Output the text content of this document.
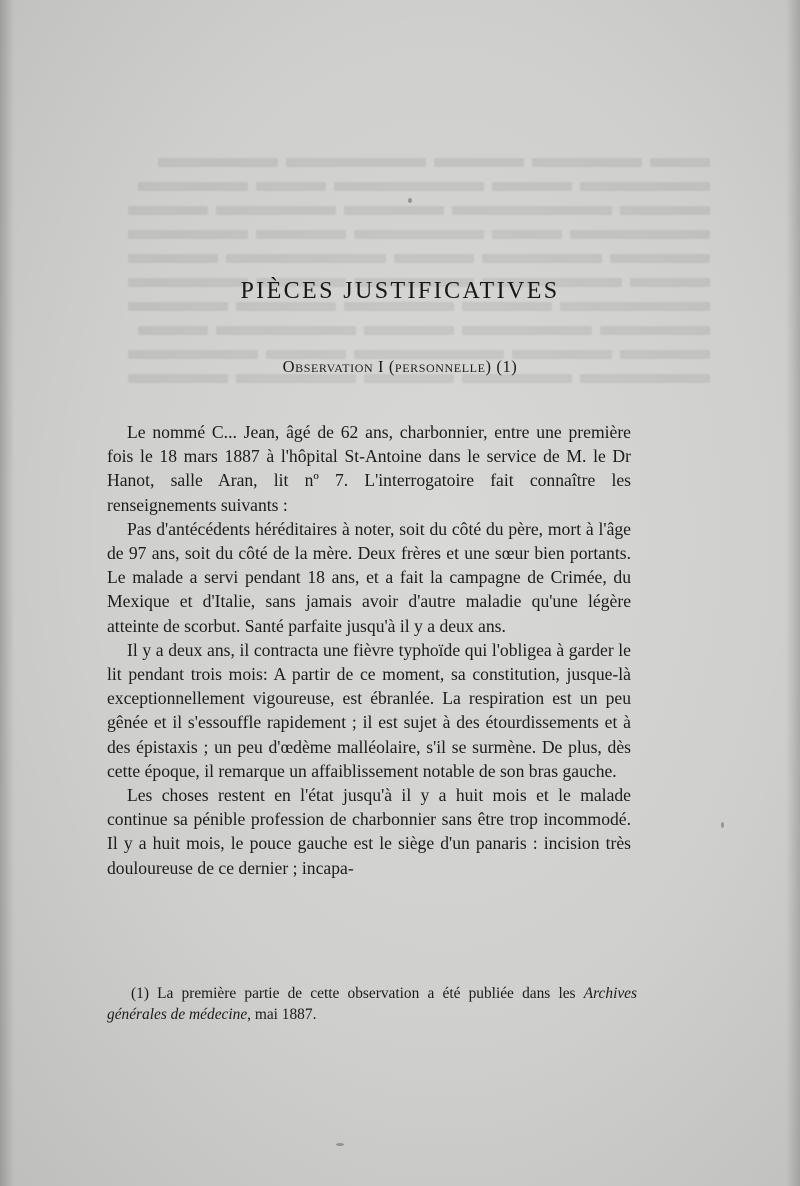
PIÈCES JUSTIFICATIVES
Observation I (personnelle) (1)

Le nommé C... Jean, âgé de 62 ans, charbonnier, entre une première fois le 18 mars 1887 à l'hôpital St-Antoine dans le service de M. le Dr Hanot, salle Aran, lit nº 7. L'interrogatoire fait connaître les renseignements suivants :

Pas d'antécédents héréditaires à noter, soit du côté du père, mort à l'âge de 97 ans, soit du côté de la mère. Deux frères et une sœur bien portants. Le malade a servi pendant 18 ans, et a fait la campagne de Crimée, du Mexique et d'Italie, sans jamais avoir d'autre maladie qu'une légère atteinte de scorbut. Santé parfaite jusqu'à il y a deux ans.

Il y a deux ans, il contracta une fièvre typhoïde qui l'obligea à garder le lit pendant trois mois: A partir de ce moment, sa constitution, jusque-là exceptionnellement vigoureuse, est ébranlée. La respiration est un peu gênée et il s'essouffle rapidement ; il est sujet à des étourdissements et à des épistaxis ; un peu d'œdème malléolaire, s'il se surmène. De plus, dès cette époque, il remarque un affaiblissement notable de son bras gauche.

Les choses restent en l'état jusqu'à il y a huit mois et le malade continue sa pénible profession de charbonnier sans être trop incommodé. Il y a huit mois, le pouce gauche est le siège d'un panaris : incision très douloureuse de ce dernier ; incapa-

(1) La première partie de cette observation a été publiée dans les Archives générales de médecine, mai 1887.
